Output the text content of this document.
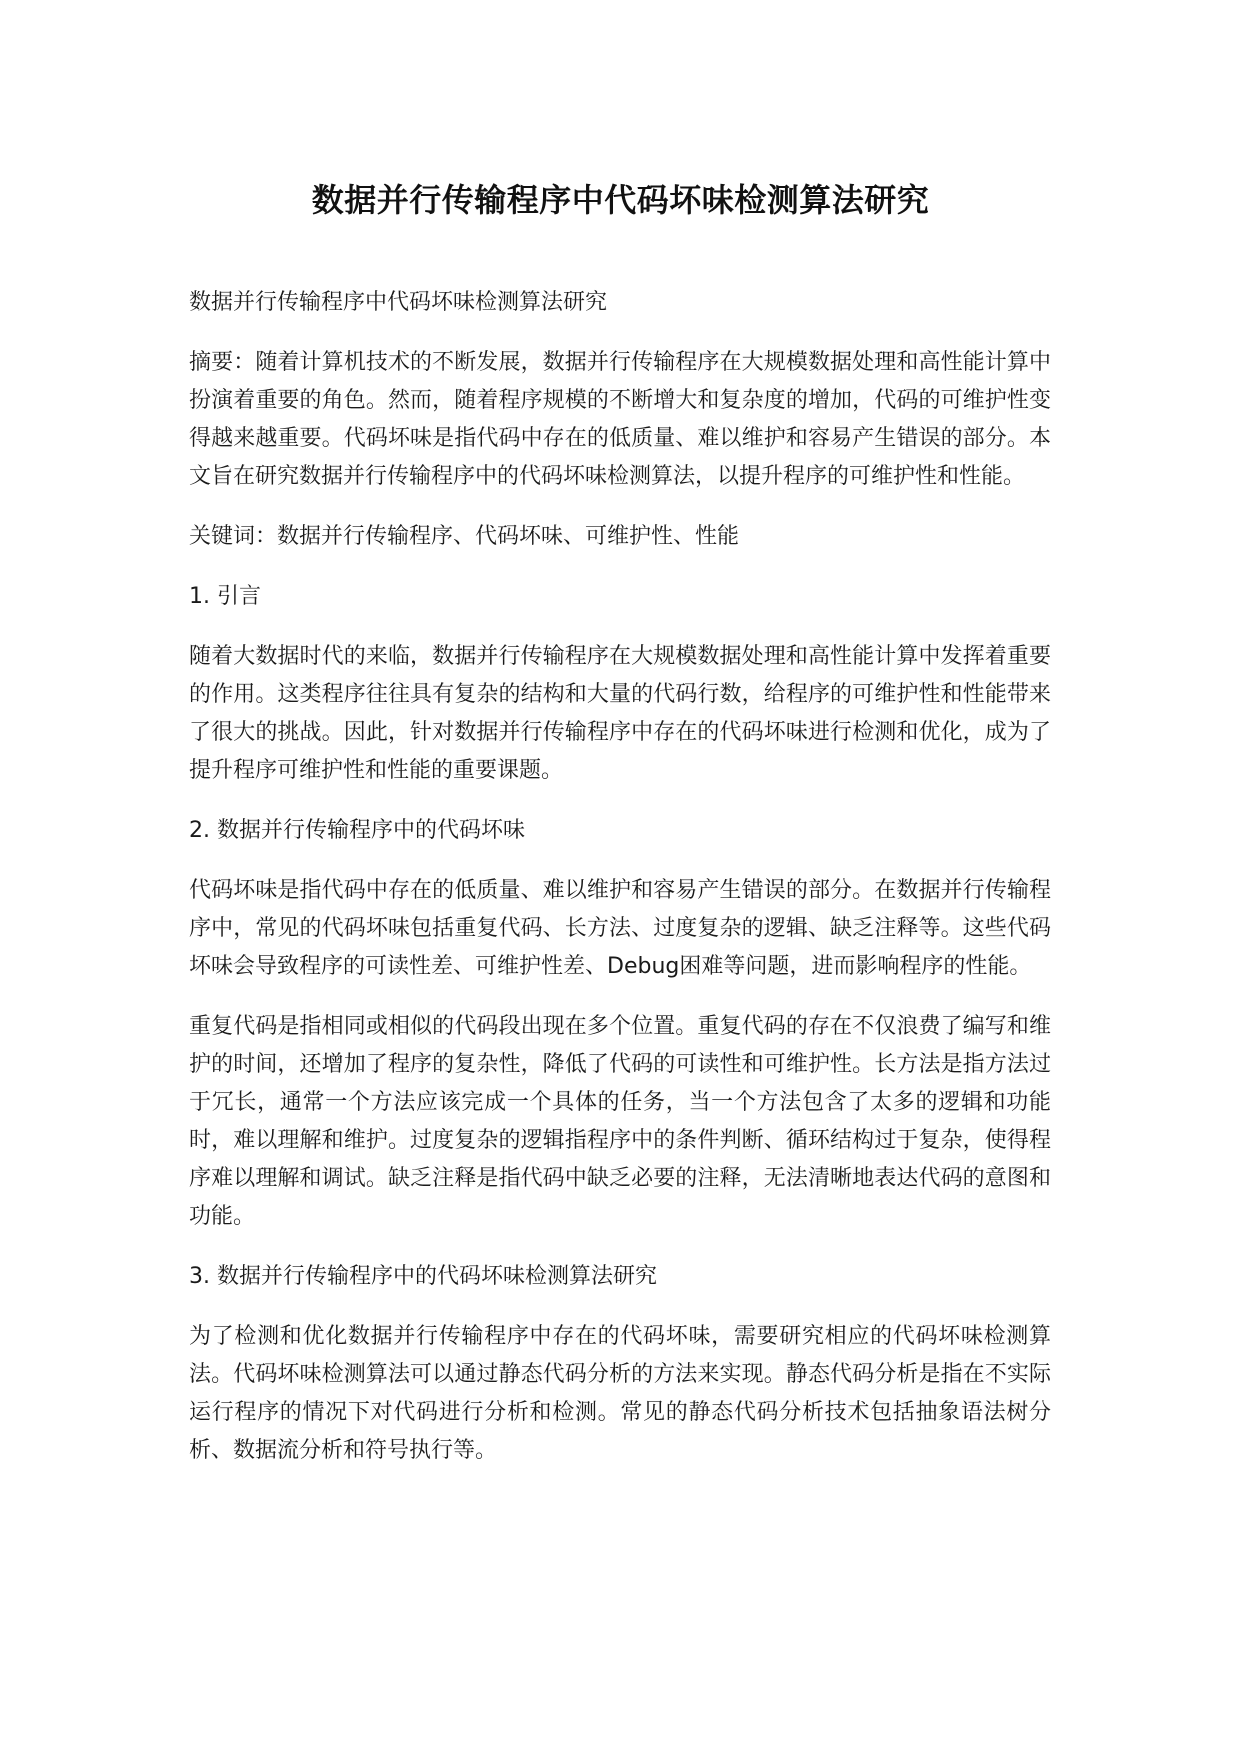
数据并行传输程序中代码坏味检测算法研究

数据并行传输程序中代码坏味检测算法研究

摘要：随着计算机技术的不断发展，数据并行传输程序在大规模数据处理和高性能计算中扮演着重要的角色。然而，随着程序规模的不断增大和复杂度的增加，代码的可维护性变得越来越重要。代码坏味是指代码中存在的低质量、难以维护和容易产生错误的部分。本文旨在研究数据并行传输程序中的代码坏味检测算法，以提升程序的可维护性和性能。

关键词：数据并行传输程序、代码坏味、可维护性、性能

1. 引言

随着大数据时代的来临，数据并行传输程序在大规模数据处理和高性能计算中发挥着重要的作用。这类程序往往具有复杂的结构和大量的代码行数，给程序的可维护性和性能带来了很大的挑战。因此，针对数据并行传输程序中存在的代码坏味进行检测和优化，成为了提升程序可维护性和性能的重要课题。

2. 数据并行传输程序中的代码坏味

代码坏味是指代码中存在的低质量、难以维护和容易产生错误的部分。在数据并行传输程序中，常见的代码坏味包括重复代码、长方法、过度复杂的逻辑、缺乏注释等。这些代码坏味会导致程序的可读性差、可维护性差、Debug困难等问题，进而影响程序的性能。

重复代码是指相同或相似的代码段出现在多个位置。重复代码的存在不仅浪费了编写和维护的时间，还增加了程序的复杂性，降低了代码的可读性和可维护性。长方法是指方法过于冗长，通常一个方法应该完成一个具体的任务，当一个方法包含了太多的逻辑和功能时，难以理解和维护。过度复杂的逻辑指程序中的条件判断、循环结构过于复杂，使得程序难以理解和调试。缺乏注释是指代码中缺乏必要的注释，无法清晰地表达代码的意图和功能。

3. 数据并行传输程序中的代码坏味检测算法研究

为了检测和优化数据并行传输程序中存在的代码坏味，需要研究相应的代码坏味检测算法。代码坏味检测算法可以通过静态代码分析的方法来实现。静态代码分析是指在不实际运行程序的情况下对代码进行分析和检测。常见的静态代码分析技术包括抽象语法树分析、数据流分析和符号执行等。
